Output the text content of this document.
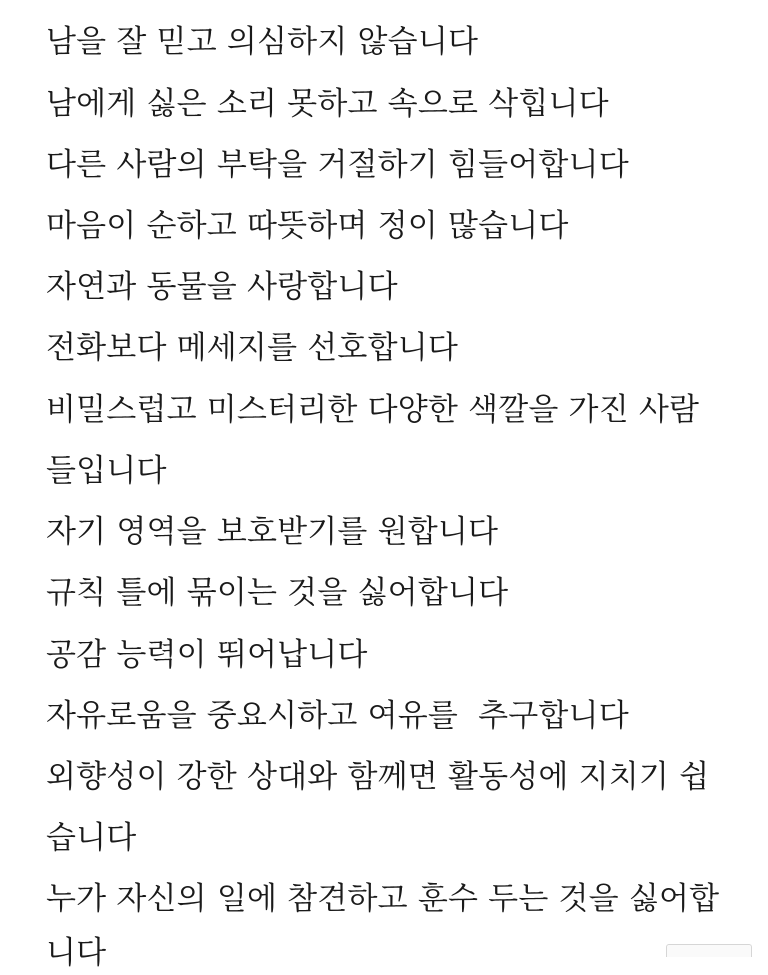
남을 잘 믿고 의심하지 않습니다
남에게 싫은 소리 못하고 속으로 삭힙니다
다른 사람의 부탁을 거절하기 힘들어합니다
마음이 순하고 따뜻하며 정이 많습니다
자연과 동물을 사랑합니다
전화보다 메세지를 선호합니다
비밀스럽고 미스터리한 다양한 색깔을 가진 사람
들입니다
자기 영역을 보호받기를 원합니다
규칙 틀에 묶이는 것을 싫어합니다
공감 능력이 뛰어납니다
자유로움을 중요시하고 여유를  추구합니다
외향성이 강한 상대와 함께면 활동성에 지치기 쉽
습니다
누가 자신의 일에 참견하고 훈수 두는 것을 싫어합
니다
